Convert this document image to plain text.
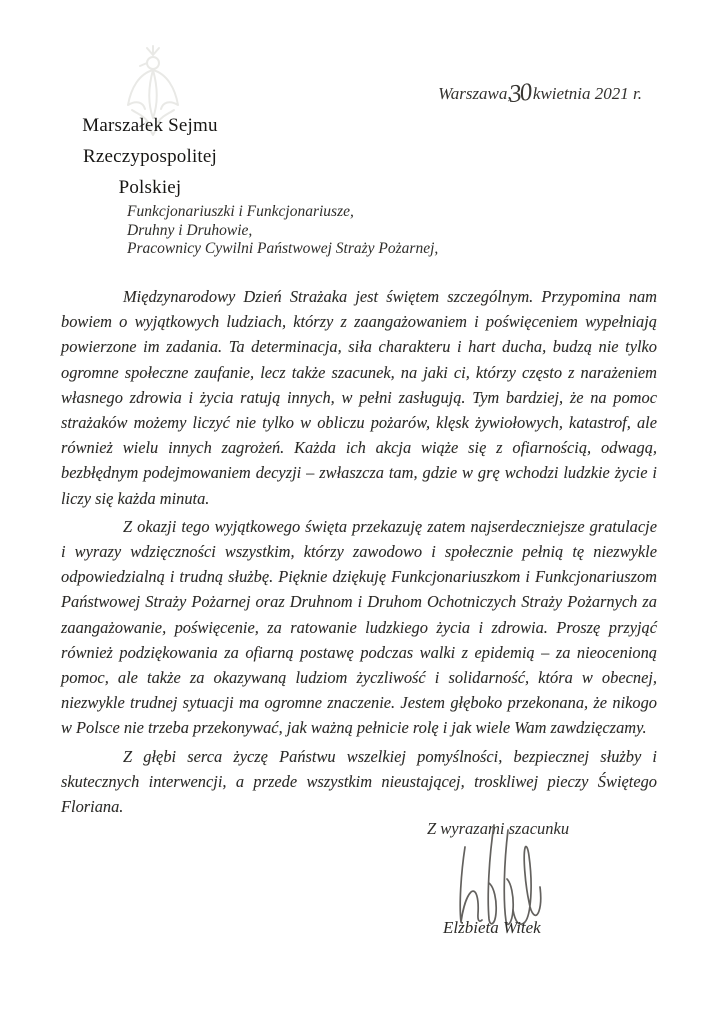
Warszawa,30 kwietnia 2021 r.
Marszałek Sejmu
Rzeczypospolitej Polskiej
Funkcjonariuszki i Funkcjonariusze,
Druhny i Druhowie,
Pracownicy Cywilni Państwowej Straży Pożarnej,

Międzynarodowy Dzień Strażaka jest świętem szczególnym. Przypomina nam bowiem o wyjątkowych ludziach, którzy z zaangażowaniem i poświęceniem wypełniają powierzone im zadania. Ta determinacja, siła charakteru i hart ducha, budzą nie tylko ogromne społeczne zaufanie, lecz także szacunek, na jaki ci, którzy często z narażeniem własnego zdrowia i życia ratują innych, w pełni zasługują. Tym bardziej, że na pomoc strażaków możemy liczyć nie tylko w obliczu pożarów, klęsk żywiołowych, katastrof, ale również wielu innych zagrożeń. Każda ich akcja wiąże się z ofiarnością, odwagą, bezbłędnym podejmowaniem decyzji – zwłaszcza tam, gdzie w grę wchodzi ludzkie życie i liczy się każda minuta.

Z okazji tego wyjątkowego święta przekazuję zatem najserdeczniejsze gratulacje i wyrazy wdzięczności wszystkim, którzy zawodowo i społecznie pełnią tę niezwykle odpowiedzialną i trudną służbę. Pięknie dziękuję Funkcjonariuszkom i Funkcjonariuszom Państwowej Straży Pożarnej oraz Druhnom i Druhom Ochotniczych Straży Pożarnych za zaangażowanie, poświęcenie, za ratowanie ludzkiego życia i zdrowia. Proszę przyjąć również podziękowania za ofiarną postawę podczas walki z epidemią – za nieocenioną pomoc, ale także za okazywaną ludziom życzliwość i solidarność, która w obecnej, niezwykle trudnej sytuacji ma ogromne znaczenie. Jestem głęboko przekonana, że nikogo w Polsce nie trzeba przekonywać, jak ważną pełnicie rolę i jak wiele Wam zawdzięczamy.

Z głębi serca życzę Państwu wszelkiej pomyślności, bezpiecznej służby i skutecznych interwencji, a przede wszystkim nieustającej, troskliwej pieczy Świętego Floriana.

Z wyrazami szacunku
Elżbieta Witek
